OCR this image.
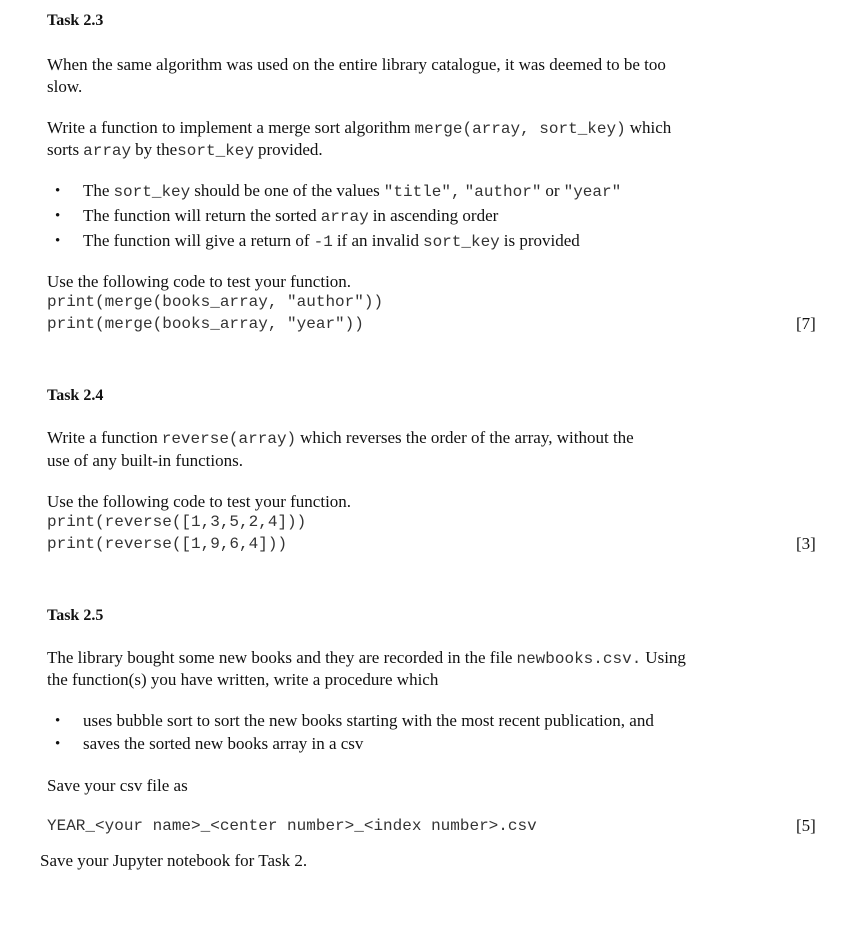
Task 2.3
When the same algorithm was used on the entire library catalogue, it was deemed to be too
slow.
Write a function to implement a merge sort algorithm merge(array, sort_key) which
sorts array by thesort_key provided.
• The sort_key should be one of the values "title", "author" or "year"
• The function will return the sorted array in ascending order
• The function will give a return of -1 if an invalid sort_key is provided
Use the following code to test your function.
print(merge(books_array, "author"))
print(merge(books_array, "year"))	[7]
Task 2.4
Write a function reverse(array) which reverses the order of the array, without the
use of any built-in functions.
Use the following code to test your function.
print(reverse([1,3,5,2,4]))
print(reverse([1,9,6,4]))	[3]
Task 2.5
The library bought some new books and they are recorded in the file newbooks.csv. Using
the function(s) you have written, write a procedure which
• uses bubble sort to sort the new books starting with the most recent publication, and
• saves the sorted new books array in a csv
Save your csv file as
YEAR_<your name>_<center number>_<index number>.csv	[5]
Save your Jupyter notebook for Task 2.
